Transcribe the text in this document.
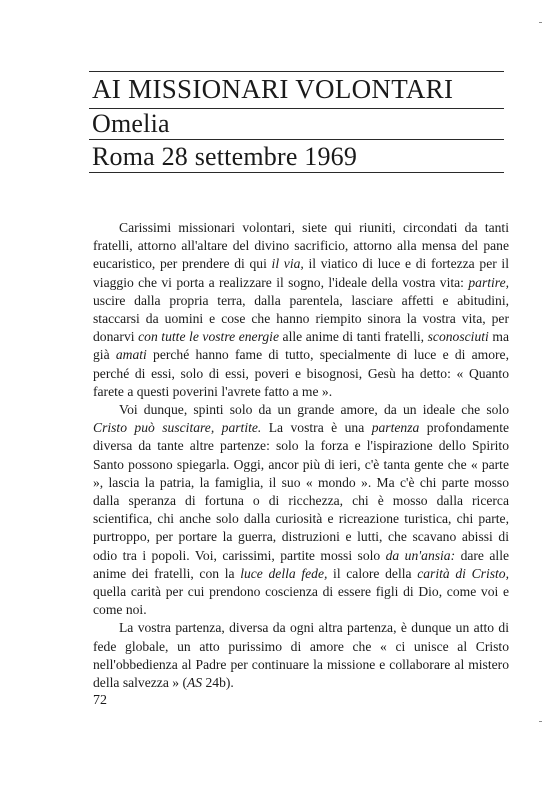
AI MISSIONARI VOLONTARI
Omelia
Roma 28 settembre 1969

Carissimi missionari volontari, siete qui riuniti, circondati da tanti fratelli, attorno all'altare del divino sacrificio, attorno alla mensa del pane eucaristico, per prendere di qui il via, il viatico di luce e di fortezza per il viaggio che vi porta a realizzare il sogno, l'ideale della vostra vita: partire, uscire dalla propria terra, dalla parentela, lasciare affetti e abitudini, staccarsi da uomini e cose che hanno riempito sinora la vostra vita, per donarvi con tutte le vostre energie alle anime di tanti fratelli, sconosciuti ma già amati perché hanno fame di tutto, specialmente di luce e di amore, perché di essi, solo di essi, poveri e bisognosi, Gesù ha detto: « Quanto farete a questi poverini l'avrete fatto a me ».

Voi dunque, spinti solo da un grande amore, da un ideale che solo Cristo può suscitare, partite. La vostra è una partenza profondamente diversa da tante altre partenze: solo la forza e l'ispirazione dello Spirito Santo possono spiegarla. Oggi, ancor più di ieri, c'è tanta gente che « parte », lascia la patria, la famiglia, il suo « mondo ». Ma c'è chi parte mosso dalla speranza di fortuna o di ricchezza, chi è mosso dalla ricerca scientifica, chi anche solo dalla curiosità e ricreazione turistica, chi parte, purtroppo, per portare la guerra, distruzioni e lutti, che scavano abissi di odio tra i popoli. Voi, carissimi, partite mossi solo da un'ansia: dare alle anime dei fratelli, con la luce della fede, il calore della carità di Cristo, quella carità per cui prendono coscienza di essere figli di Dio, come voi e come noi.

La vostra partenza, diversa da ogni altra partenza, è dunque un atto di fede globale, un atto purissimo di amore che « ci unisce al Cristo nell'obbedienza al Padre per continuare la missione e collaborare al mistero della salvezza » (AS 24b).

72
